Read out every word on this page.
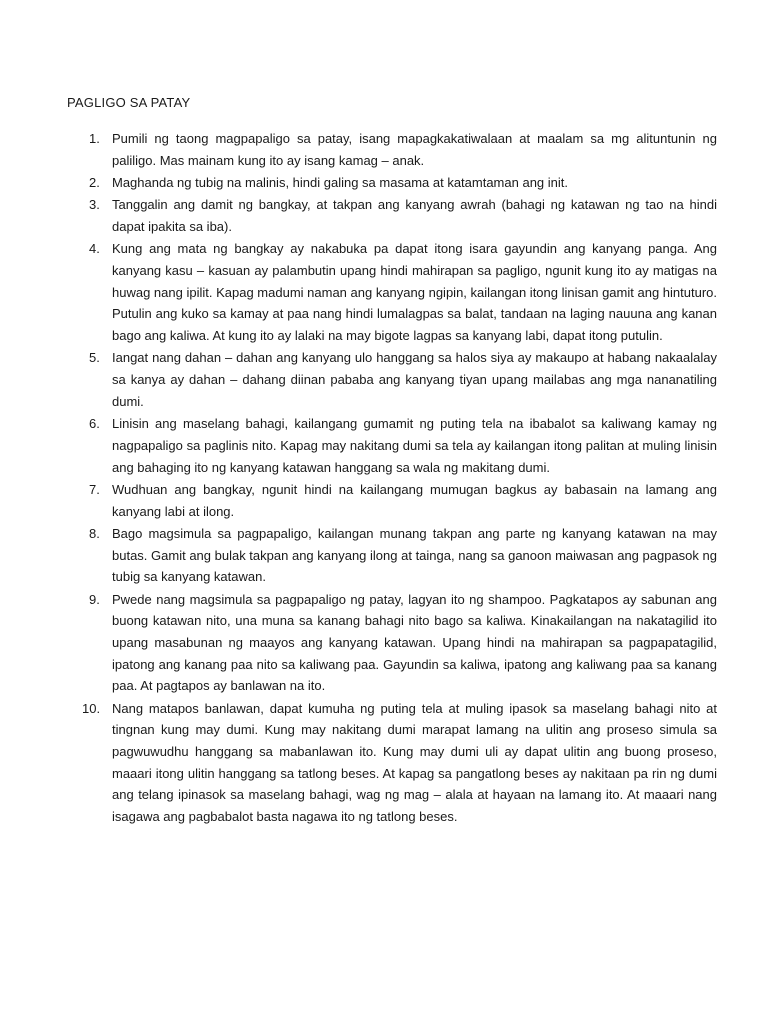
PAGLIGO SA PATAY
1. Pumili ng taong magpapaligo sa patay, isang mapagkakatiwalaan at maalam sa mg alituntunin ng paliligo. Mas mainam kung ito ay isang kamag – anak.
2. Maghanda ng tubig na malinis, hindi galing sa masama at katamtaman ang init.
3. Tanggalin ang damit ng bangkay, at takpan ang kanyang awrah (bahagi ng katawan ng tao na hindi dapat ipakita sa iba).
4. Kung ang mata ng bangkay ay nakabuka pa dapat itong isara gayundin ang kanyang panga. Ang kanyang kasu – kasuan ay palambutin upang hindi mahirapan sa pagligo, ngunit kung ito ay matigas na huwag nang ipilit. Kapag madumi naman ang kanyang ngipin, kailangan itong linisan gamit ang hintuturo. Putulin ang kuko sa kamay at paa nang hindi lumalagpas sa balat, tandaan na laging nauuna ang kanan bago ang kaliwa. At kung ito ay lalaki na may bigote lagpas sa kanyang labi, dapat itong putulin.
5. Iangat nang dahan – dahan ang kanyang ulo hanggang sa halos siya ay makaupo at habang nakaalalay sa kanya ay dahan – dahang diinan pababa ang kanyang tiyan upang mailabas ang mga nananatiling dumi.
6. Linisin ang maselang bahagi, kailangang gumamit ng puting tela na ibabalot sa kaliwang kamay ng nagpapaligo sa paglinis nito. Kapag may nakitang dumi sa tela ay kailangan itong palitan at muling linisin ang bahaging ito ng kanyang katawan hanggang sa wala ng makitang dumi.
7. Wudhuan ang bangkay, ngunit hindi na kailangang mumugan bagkus ay babasain na lamang ang kanyang labi at ilong.
8. Bago magsimula sa pagpapaligo, kailangan munang takpan ang parte ng kanyang katawan na may butas. Gamit ang bulak takpan ang kanyang ilong at tainga, nang sa ganoon maiwasan ang pagpasok ng tubig sa kanyang katawan.
9. Pwede nang magsimula sa pagpapaligo ng patay, lagyan ito ng shampoo. Pagkatapos ay sabunan ang buong katawan nito, una muna sa kanang bahagi nito bago sa kaliwa. Kinakailangan na nakatagilid ito upang masabunan ng maayos ang kanyang katawan. Upang hindi na mahirapan sa pagpapatagilid, ipatong ang kanang paa nito sa kaliwang paa. Gayundin sa kaliwa, ipatong ang kaliwang paa sa kanang paa. At pagtapos ay banlawan na ito.
10. Nang matapos banlawan, dapat kumuha ng puting tela at muling ipasok sa maselang bahagi nito at tingnan kung may dumi. Kung may nakitang dumi marapat lamang na ulitin ang proseso simula sa pagwuwudhu hanggang sa mabanlawan ito. Kung may dumi uli ay dapat ulitin ang buong proseso, maaari itong ulitin hanggang sa tatlong beses. At kapag sa pangatlong beses ay nakitaan pa rin ng dumi ang telang ipinasok sa maselang bahagi, wag ng mag – alala at hayaan na lamang ito. At maaari nang isagawa ang pagbabalot basta nagawa ito ng tatlong beses.
